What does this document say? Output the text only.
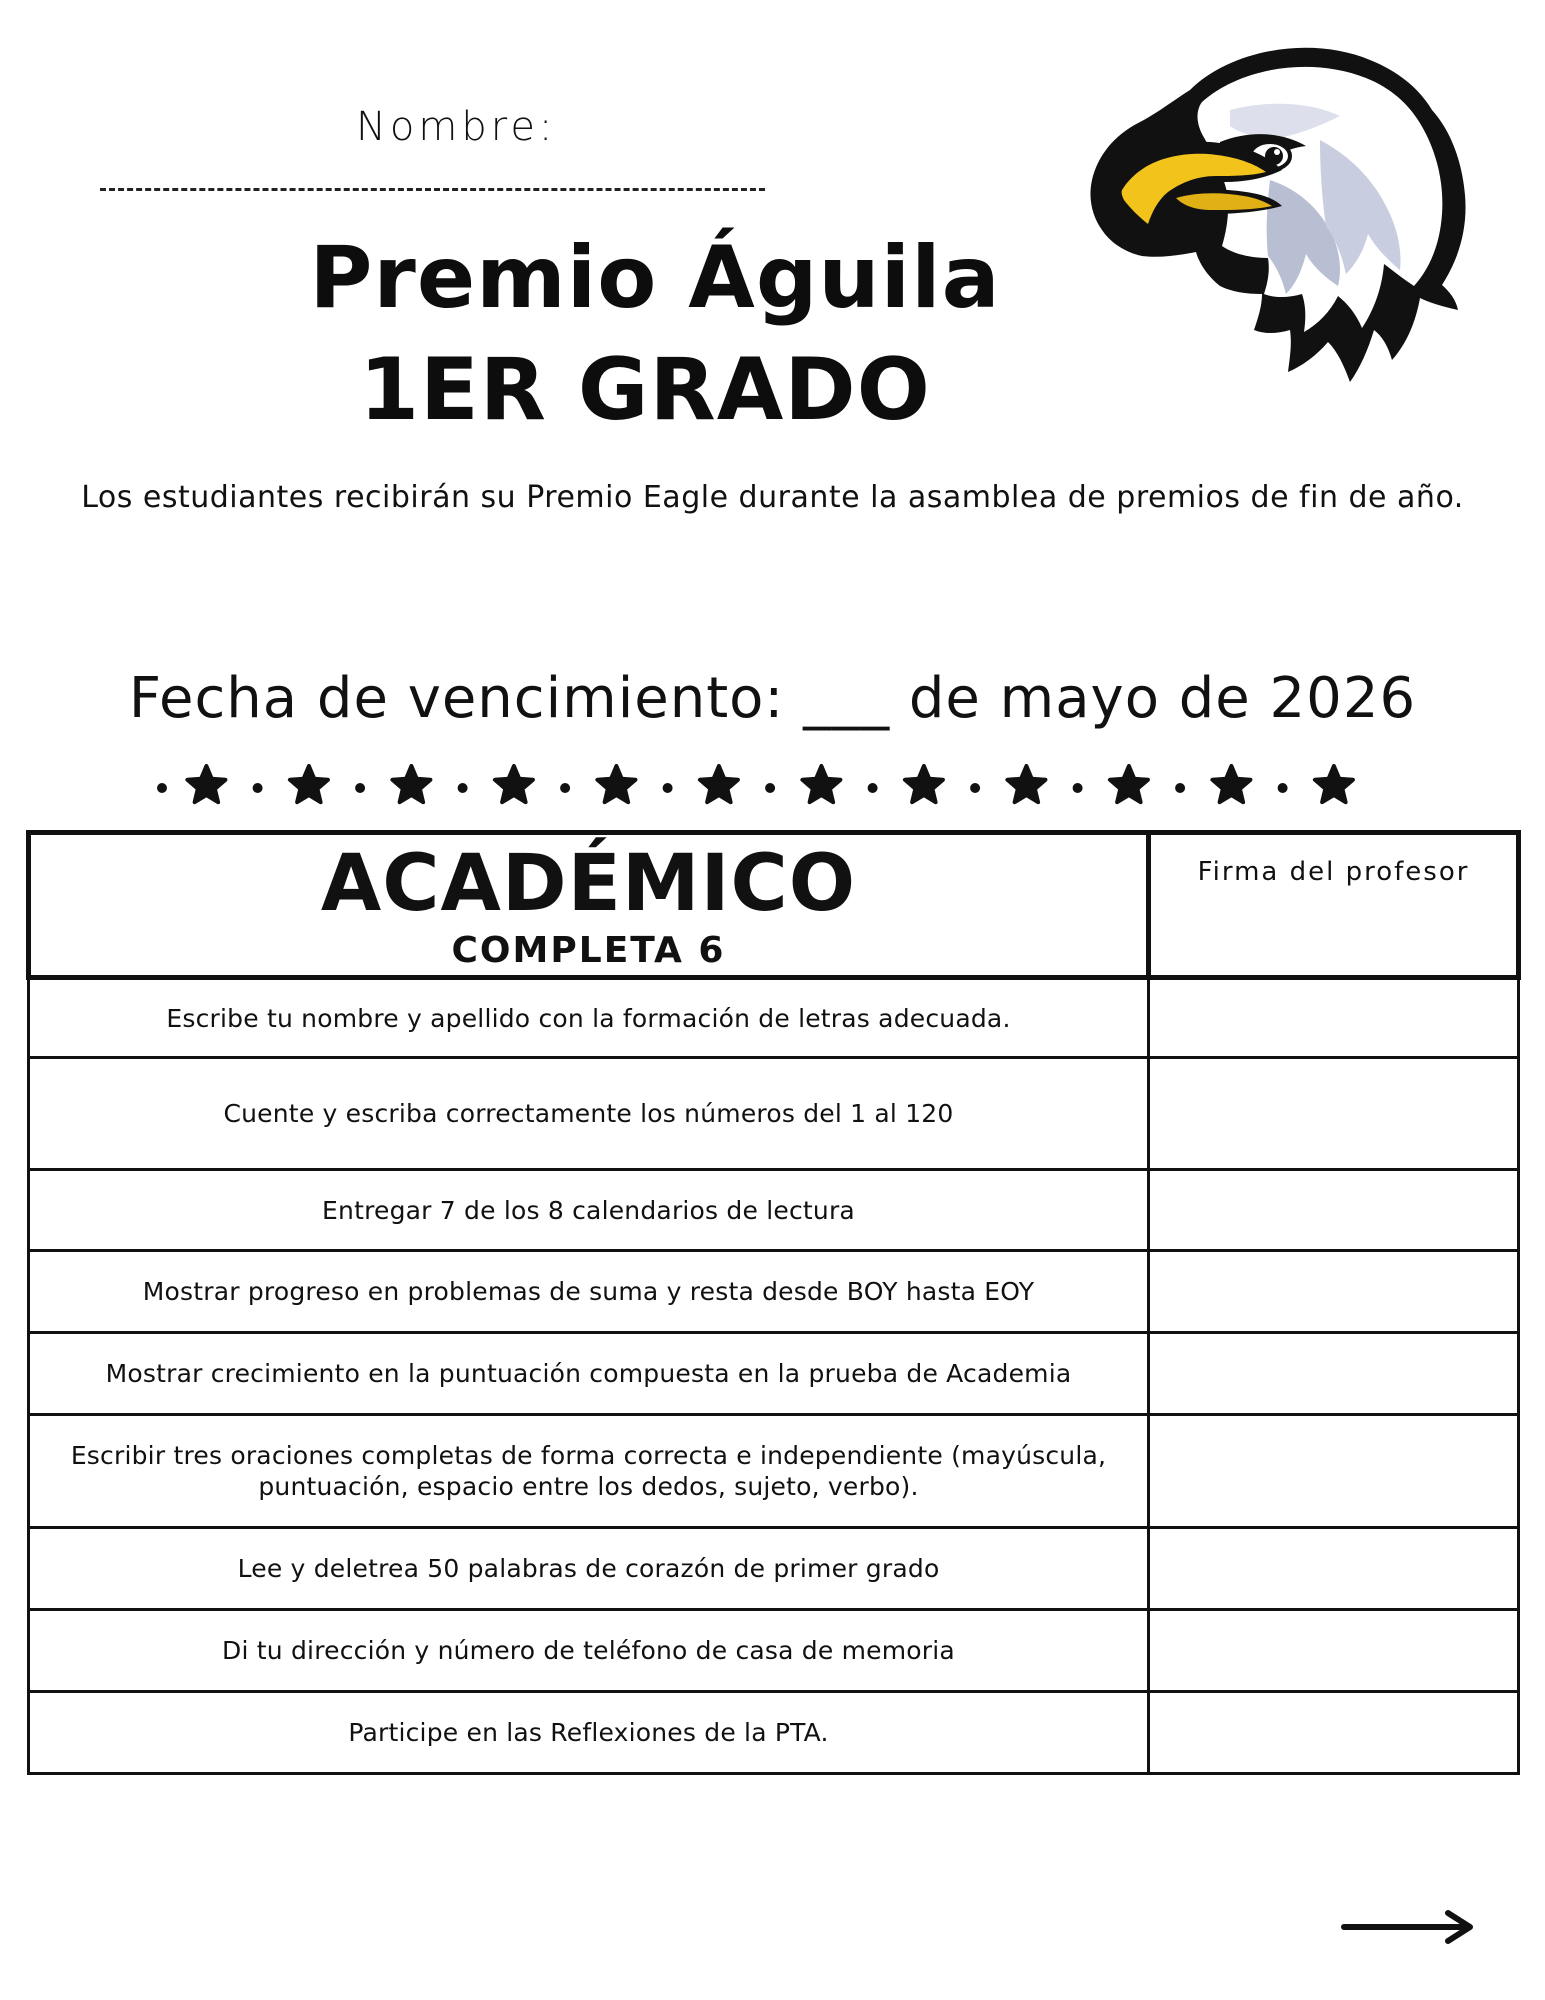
Nombre:
Premio Águila
1ER GRADO
Los estudiantes recibirán su Premio Eagle durante la asamblea de premios de fin de año.
Fecha de vencimiento: ___ de mayo de 2026
ACADÉMICO
COMPLETA 6	Firma del profesor
Escribe tu nombre y apellido con la formación de letras adecuada.	
Cuente y escriba correctamente los números del 1 al 120	
Entregar 7 de los 8 calendarios de lectura	
Mostrar progreso en problemas de suma y resta desde BOY hasta EOY	
Mostrar crecimiento en la puntuación compuesta en la prueba de Academia	
Escribir tres oraciones completas de forma correcta e independiente (mayúscula, puntuación, espacio entre los dedos, sujeto, verbo).	
Lee y deletrea 50 palabras de corazón de primer grado	
Di tu dirección y número de teléfono de casa de memoria	
Participe en las Reflexiones de la PTA.	
